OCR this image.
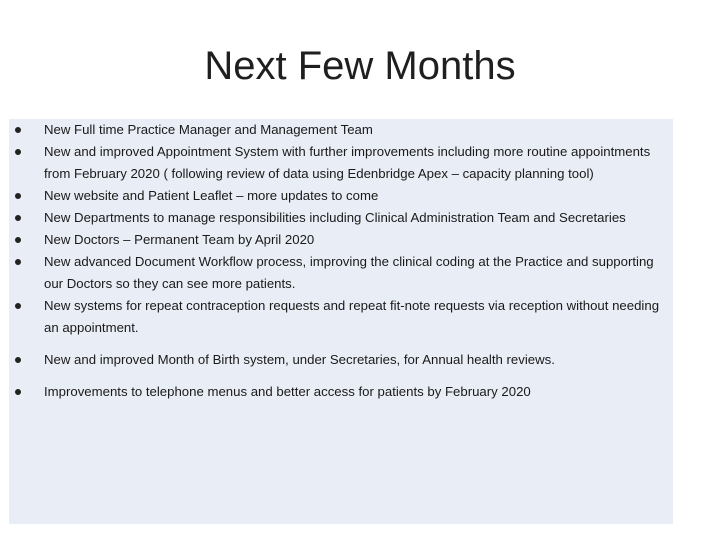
Next Few Months
New Full time Practice Manager and Management Team
New and improved Appointment System with further improvements including more routine appointments from February 2020 ( following review of data using Edenbridge Apex – capacity planning tool)
New website and Patient Leaflet – more updates to come
New Departments to manage responsibilities including Clinical Administration Team and Secretaries
New Doctors – Permanent Team by April 2020
New advanced Document Workflow process, improving the clinical coding at the Practice and supporting our Doctors so they can see more patients.
New systems for repeat contraception requests and repeat fit-note requests via reception without needing an appointment.
New and improved Month of Birth system, under Secretaries, for Annual health reviews.
Improvements to telephone menus and better access for patients by February 2020
